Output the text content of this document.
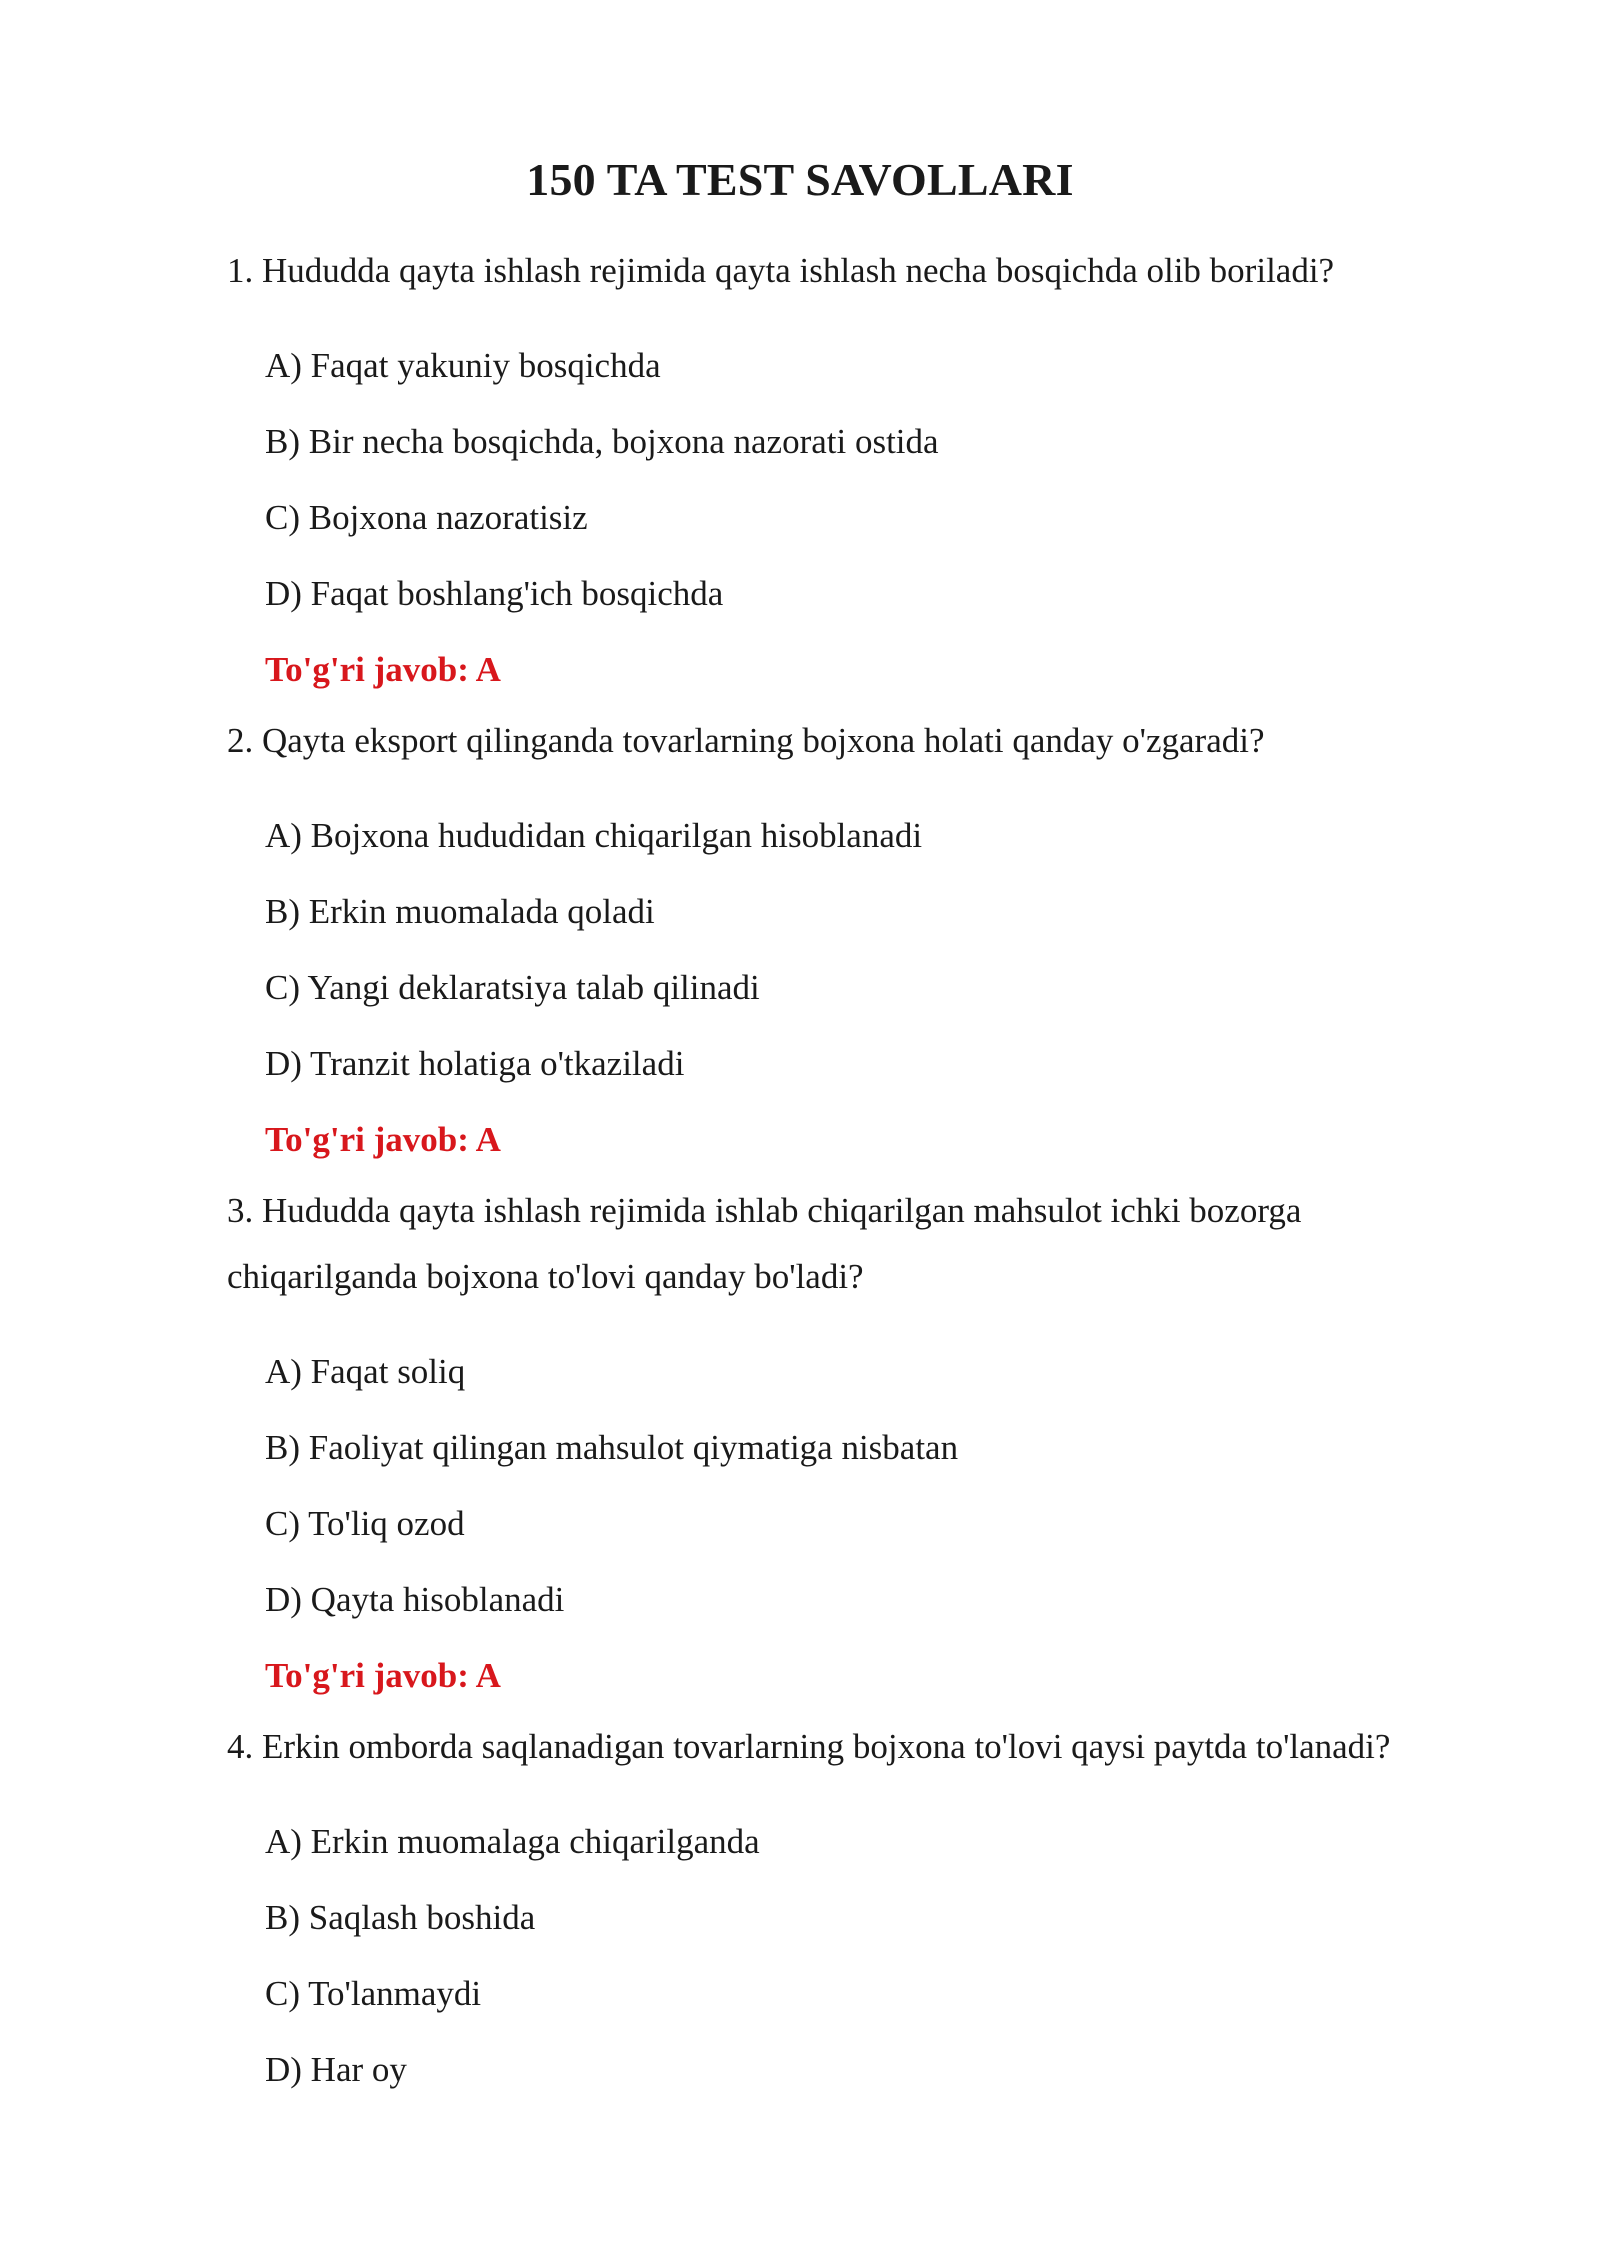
150 TA TEST SAVOLLARI

1. Hududda qayta ishlash rejimida qayta ishlash necha bosqichda olib boriladi?

A) Faqat yakuniy bosqichda

B) Bir necha bosqichda, bojxona nazorati ostida

C) Bojxona nazoratisiz

D) Faqat boshlang'ich bosqichda

To'g'ri javob: A

2. Qayta eksport qilinganda tovarlarning bojxona holati qanday o'zgaradi?

A) Bojxona hududidan chiqarilgan hisoblanadi

B) Erkin muomalada qoladi

C) Yangi deklaratsiya talab qilinadi

D) Tranzit holatiga o'tkaziladi

To'g'ri javob: A

3. Hududda qayta ishlash rejimida ishlab chiqarilgan mahsulot ichki bozorga chiqarilganda bojxona to'lovi qanday bo'ladi?

A) Faqat soliq

B) Faoliyat qilingan mahsulot qiymatiga nisbatan

C) To'liq ozod

D) Qayta hisoblanadi

To'g'ri javob: A

4. Erkin omborda saqlanadigan tovarlarning bojxona to'lovi qaysi paytda to'lanadi?

A) Erkin muomalaga chiqarilganda

B) Saqlash boshida

C) To'lanmaydi

D) Har oy
